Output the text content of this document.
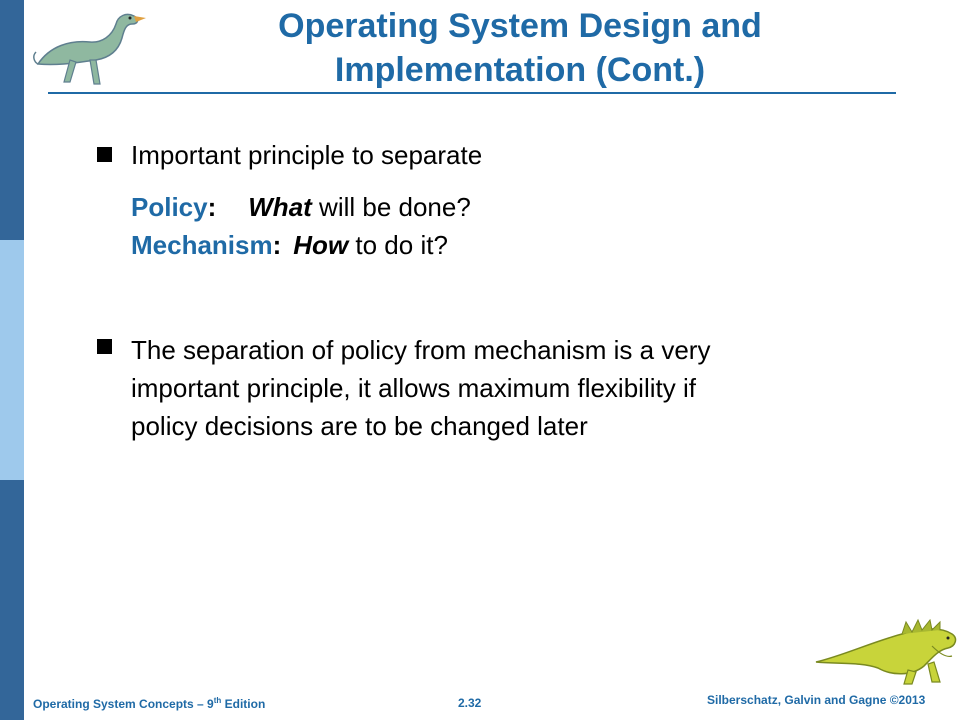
Operating System Design and
Implementation (Cont.)
Important principle to separate
Policy: What will be done?
Mechanism: How to do it?
The separation of policy from mechanism is a very
important principle, it allows maximum flexibility if
policy decisions are to be changed later
Operating System Concepts – 9th Edition	2.32	Silberschatz, Galvin and Gagne ©2013
